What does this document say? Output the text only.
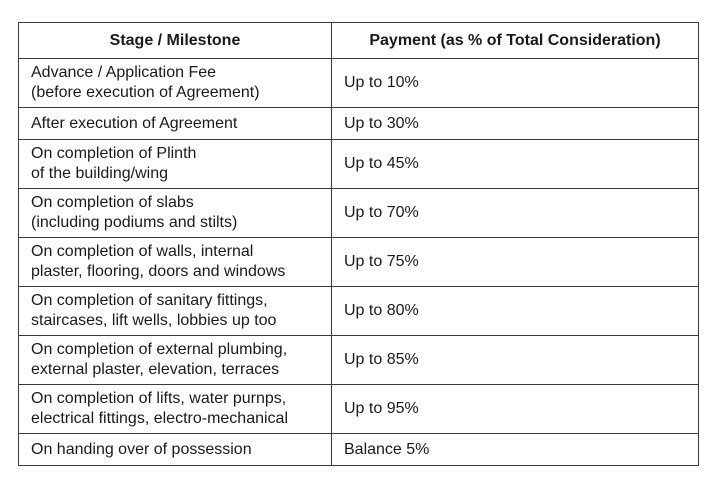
Stage / Milestone	Payment (as % of Total Consideration)

Advance / Application Fee
(before execution of Agreement)	Up to 10%

After execution of Agreement	Up to 30%

On completion of Plinth
of the building/wing	Up to 45%

On completion of slabs
(including podiums and stilts)	Up to 70%

On completion of walls, internal
plaster, flooring, doors and windows	Up to 75%

On completion of sanitary fittings,
staircases, lift wells, lobbies up too	Up to 80%

On completion of external plumbing,
external plaster, elevation, terraces	Up to 85%

On completion of lifts, water purnps,
electrical fittings, electro-mechanical	Up to 95%

On handing over of possession	Balance 5%
